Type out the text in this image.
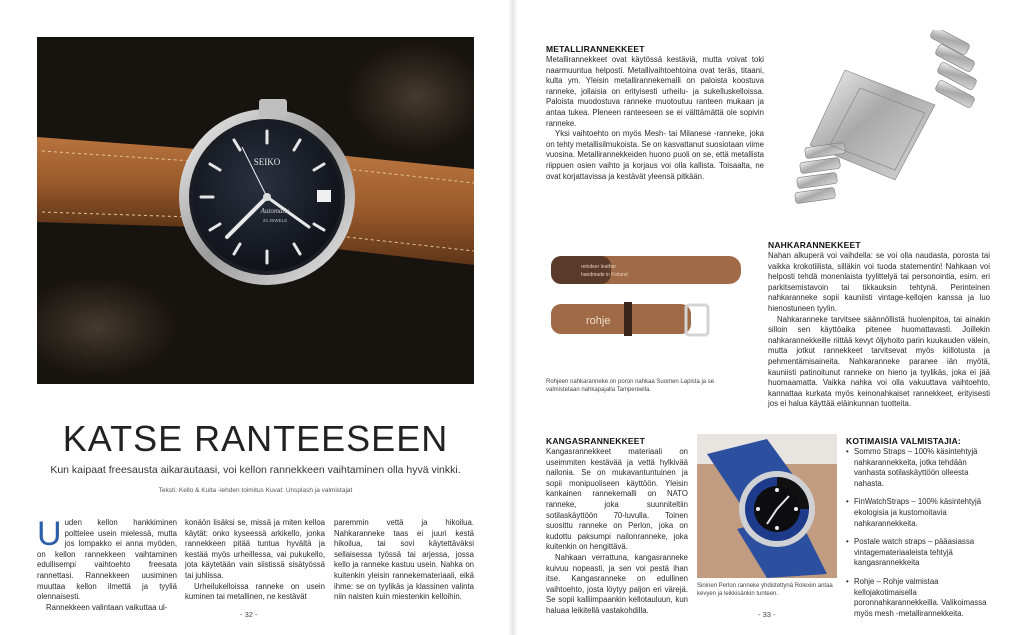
SEIKO
Automatic
23 JEWELS
KATSE RANTEESEEN
Kun kaipaat freesausta aikarautaasi, voi kellon rannekkeen vaihtaminen olla hyvä vinkki.
Teksti: Kello & Kulta -lehden toimitus Kuvat: Unsplash ja valmistajat
U uden kellon hankkiminen polttelee usein mielessä, mutta jos lompakko ei anna myöden, on kellon rannekkeen vaihtaminen edullisempi vaihtoehto freesata rannettasi. Rannekkeen uusiminen muuttaa kellon ilmettä ja tyyliä olennaisesti.

Rannekkeen valintaan vaikuttaa ul-

konäön lisäksi se, missä ja miten kelloa käytät: onko kyseessä arkikello, jonka rannekkeen pitää tuntua hyvältä ja kestää myös urheillessa, vai pukukello, jota käytetään vain siistissä sisätyössä tai juhlissa.

Urheilukelloissa ranneke on usein kuminen tai metallinen, ne kestävät

paremmin vettä ja hikoilua. Nahkaranneke taas ei juuri kestä hikoilua, tai sovi käytettäväksi sellaisessa työssä tai arjessa, jossa kello ja ranneke kastuu usein. Nahka on kuitenkin yleisin rannekemateriaali, eikä ihme: se on tyylikäs ja klassinen valinta niin naisten kuin miestenkin kelloihin.

- 32 -
METALLIRANNEKKEET

Metallirannekkeet ovat käytössä kestäviä, mutta voivat toki naarmuuntua helposti. Metallivaihtoehtoina ovat teräs, titaani, kulta ym. Yleisin metallirannekemalli on paloista koostuva ranneke, jollaisia on erityisesti urheilu- ja sukelluskelloissa. Paloista muodostuva ranneke muotoutuu ranteen mukaan ja antaa tukea. Pleneen ranteeseen se ei välttämättä ole sopivin ranneke.

Yksi vaihtoehto on myös Mesh- tai Milanese -ranneke, joka on tehty metallisilmukoista. Se on kasvattanut suosiotaan viime vuosina. Metallirannekkeiden huono puoli on se, että metallista riippuen osien vaihto ja korjaus voi olla kallista. Toisaalta, ne ovat korjattavissa ja kestävät yleensä pitkään.

reindeer leather
handmade in Finland
rohje
Rohjeen nahkaranneke on poron nahkaa Suomen Lapista ja se valmistetaan nahkapajalla Tampereella.
NAHKARANNEKKEET

Nahan alkuperä voi vaihdella: se voi olla naudasta, porosta tai vaikka krokotiilista, silläkin voi tuoda statementin! Nahkaan voi helposti tehdä monenlaista tyylittelyä tai personointia, esim. eri parkitsemistavoin tai tikkauksin tehtynä. Perinteinen nahkaranneke sopii kauniisti vintage-kellojen kanssa ja luo hienostuneen tyylin.

Nahkaranneke tarvitsee säännöllistä huolenpitoa, tai ainakin silloin sen käyttöaika pitenee huomattavasti. Joillekin nahkarannekkeille riittää kevyt öljyhoito parin kuukauden välein, mutta jotkut rannekkeet tarvitsevat myös kiillotusta ja pehmentämisaineita. Nahkaranneke paranee iän myötä, kauniisti patinoitunut ranneke on hieno ja tyylikäs, joka ei jää huomaamatta. Vaikka nahka voi olla vakuuttava vaihtoehto, kannattaa kurkata myös keinonahkaiset rannekkeet, erityisesti jos ei halua käyttää eläinkunnan tuotteita.

KANGASRANNEKKEET

Kangasrannekkeet materiaali on useimmiten kestävää ja vettä hylkivää nailonia. Se on mukavantuntuinen ja sopii monipuoliseen käyttöön. Yleisin kankainen rannekemalli on NATO ranneke, joka suunniteltiin sotilaskäyttöön 70-luvulla. Toinen suosittu ranneke on Perlon, joka on kudottu paksumpi nailonranneke, joka kuitenkin on hengittävä.

Nahkaan verrattuna, kangasranneke kuivuu nopeasti, ja sen voi pestä ihan itse. Kangasranneke on edullinen vaihtoehto, josta löytyy paljon eri värejä. Se sopii kalliimpaankin kellotauluun, kun haluaa leikitellä vastakohdilla.

Sininen Perlon ranneke yhdistettynä Rolexiin antaa kevyen ja leikkisänkin tunteen.
KOTIMAISIA VALMISTAJIA:
• Sommo Straps – 100% käsintehtyjä nahkarannekkeita, jotka tehdään vanhasta sotilaskäyttöön olleesta nahasta.
• FinWatchStraps – 100% käsintehtyjä ekologisia ja kustomoitavia nahkarannekkeita.
• Postale watch straps – pääasiassa vintagemateriaaleista tehtyjä kangasrannekkeita
• Rohje – Rohje valmistaa kellojakotimaisella poronnahkarannekkeilla. Valikoimassa myös mesh -metallirannekkeita.
- 33 -
